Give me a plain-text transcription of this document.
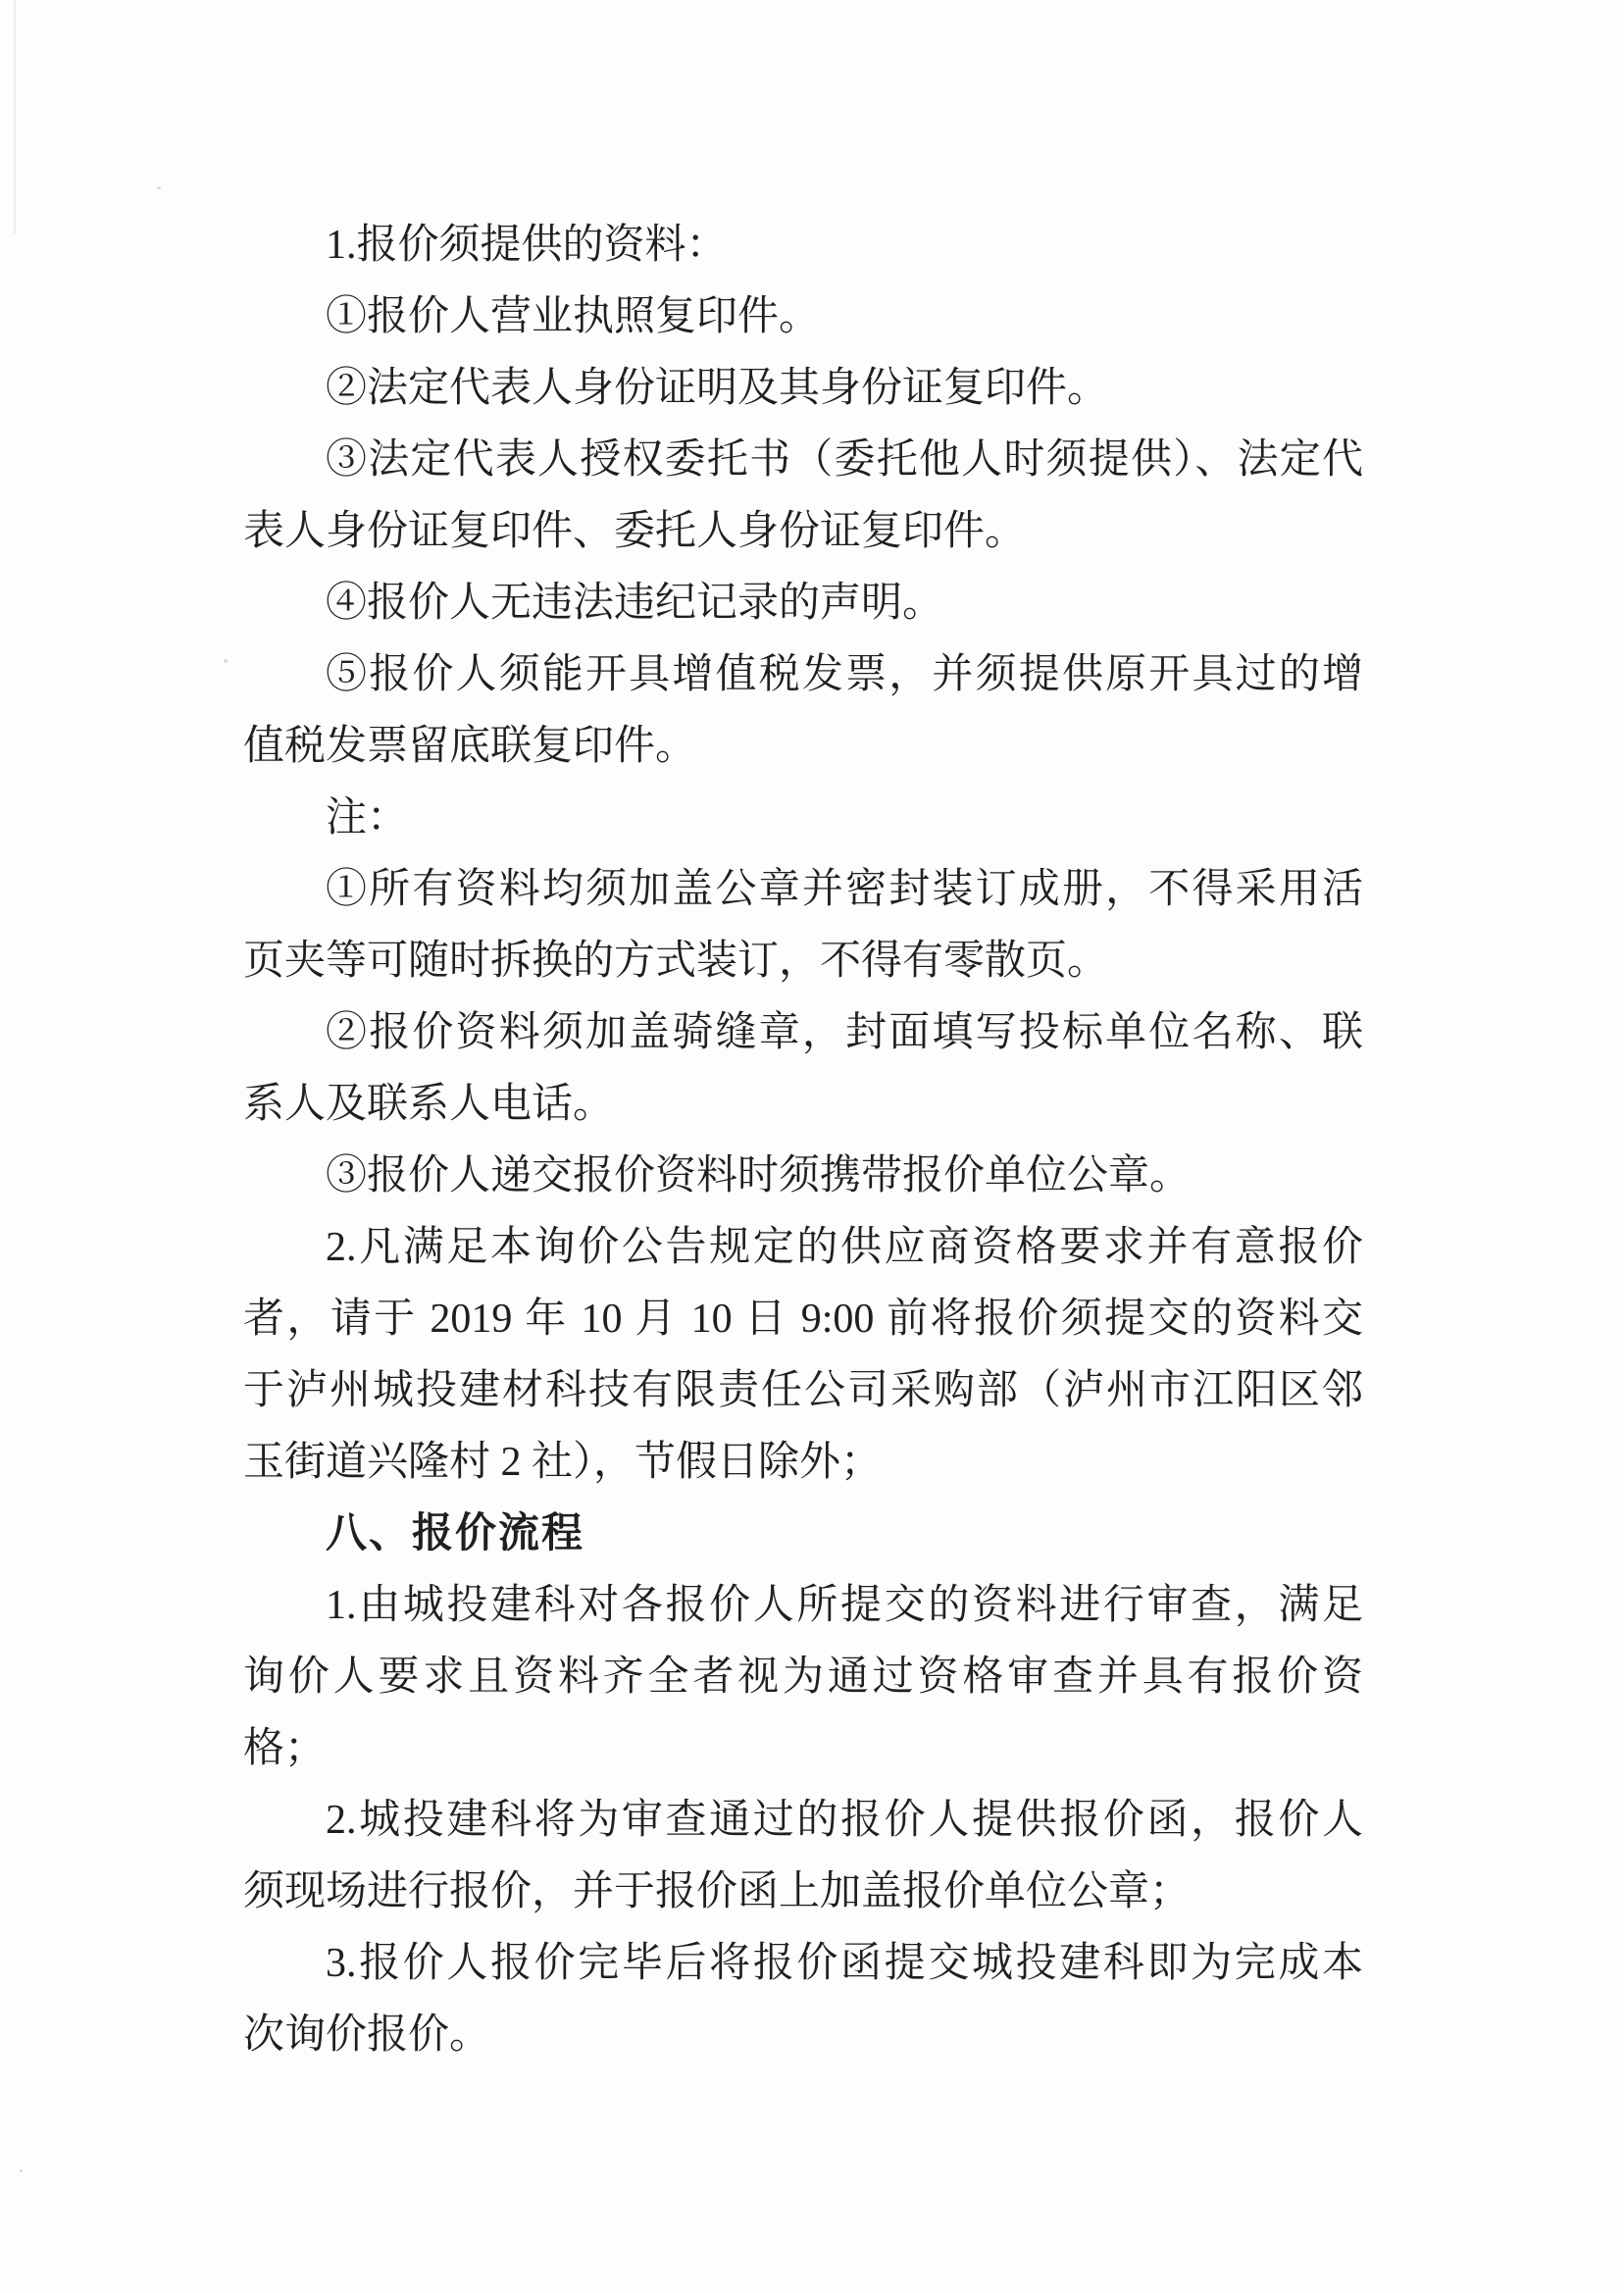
1.报价须提供的资料：
①报价人营业执照复印件。
②法定代表人身份证明及其身份证复印件。
③法定代表人授权委托书（委托他人时须提供）、法定代
表人身份证复印件、委托人身份证复印件。
④报价人无违法违纪记录的声明。
⑤报价人须能开具增值税发票，并须提供原开具过的增
值税发票留底联复印件。
注：
①所有资料均须加盖公章并密封装订成册，不得采用活
页夹等可随时拆换的方式装订，不得有零散页。
②报价资料须加盖骑缝章，封面填写投标单位名称、联
系人及联系人电话。
③报价人递交报价资料时须携带报价单位公章。
2.凡满足本询价公告规定的供应商资格要求并有意报价
者，请于 2019 年 10 月 10 日 9:00 前将报价须提交的资料交
于泸州城投建材科技有限责任公司采购部（泸州市江阳区邻
玉街道兴隆村 2 社），节假日除外；
八、报价流程
1.由城投建科对各报价人所提交的资料进行审查，满足
询价人要求且资料齐全者视为通过资格审查并具有报价资
格；
2.城投建科将为审查通过的报价人提供报价函，报价人
须现场进行报价，并于报价函上加盖报价单位公章；
3.报价人报价完毕后将报价函提交城投建科即为完成本
次询价报价。
